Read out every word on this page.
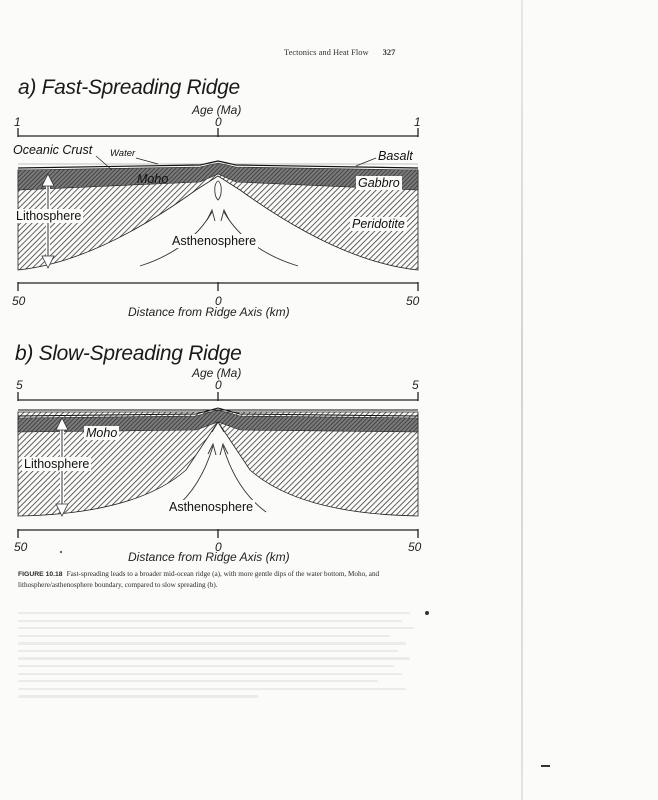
Tectonics and Heat Flow 327
a) Fast-Spreading Ridge
Age (Ma)
1	0	1
Oceanic Crust Water	Basalt
Gabbro
Moho
Lithosphere
Peridotite
Asthenosphere
50	0	50
Distance from Ridge Axis (km)
b) Slow-Spreading Ridge
Age (Ma)
5	0	5
Moho
Lithosphere
Asthenosphere
50	0	50
Distance from Ridge Axis (km)
FIGURE 10.18 Fast-spreading leads to a broader mid-ocean ridge (a), with more gentle dips of the water bottom, Moho, and lithosphere/asthenosphere boundary, compared to slow spreading (b).
